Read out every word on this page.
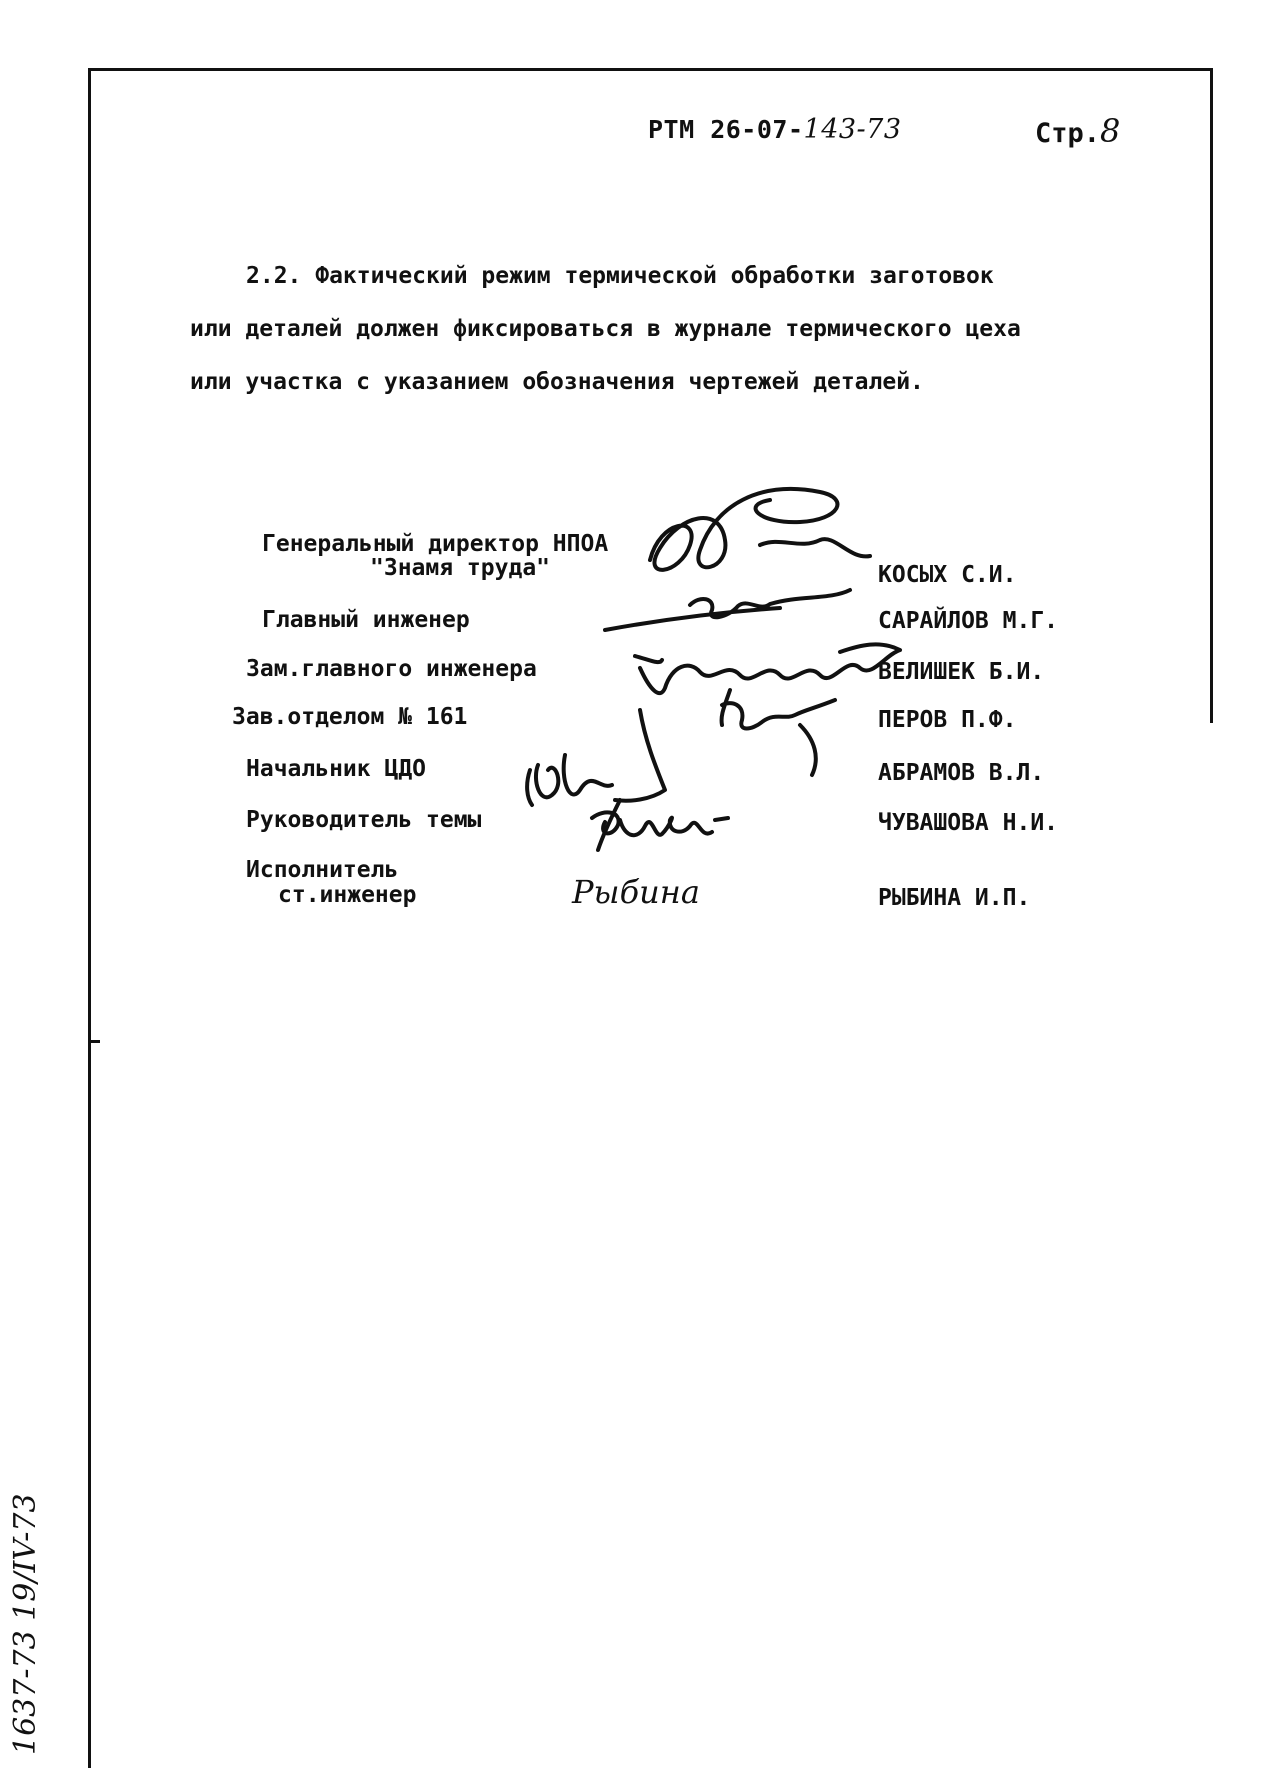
РТМ 26-07-143-73	Стр.8
2.2. Фактический режим термической обработки заготовок
или деталей должен фиксироваться в журнале термического цеха
или участка с указанием обозначения чертежей деталей.
Генеральный директор НПОА
"Знамя труда"	КОСЫХ С.И.
Главный инженер	САРАЙЛОВ М.Г.
Зам.главного инженера	ВЕЛИШЕК Б.И.
Зав.отделом № 161	ПЕРОВ П.Ф.
Начальник ЦДО	АБРАМОВ В.Л.
Руководитель темы	ЧУВАШОВА Н.И.
Исполнитель
ст.инженер	РЫБИНА И.П.
Рыбина
1637-73 19/IV-73
